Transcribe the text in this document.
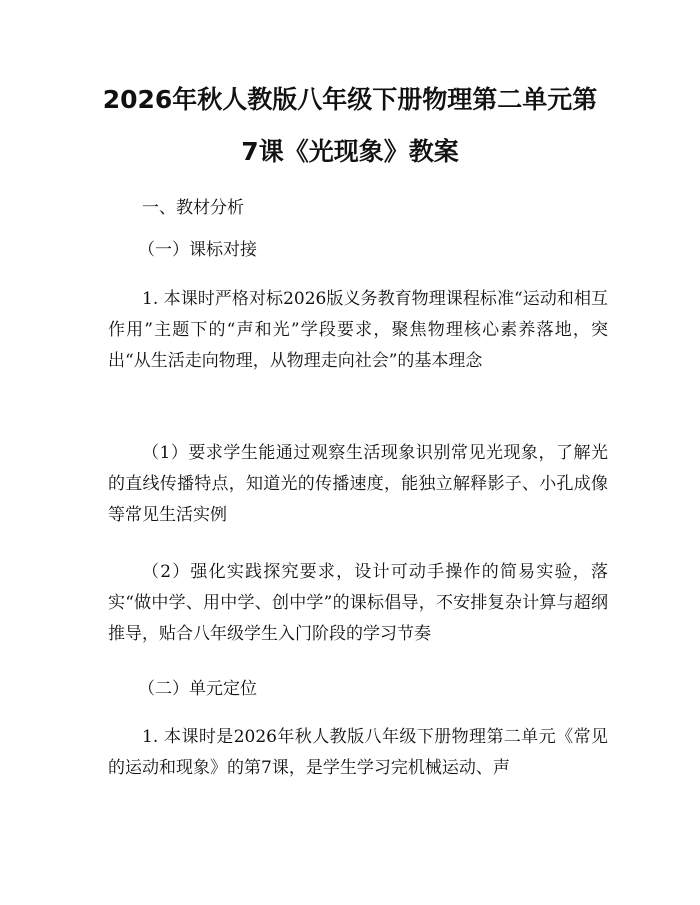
2026年秋人教版八年级下册物理第二单元第
7课《光现象》教案

一、教材分析

（一）课标对接

1. 本课时严格对标2026版义务教育物理课程标准“运动和相互作用”主题下的“声和光”学段要求，聚焦物理核心素养落地，突出“从生活走向物理，从物理走向社会”的基本理念

（1）要求学生能通过观察生活现象识别常见光现象，了解光的直线传播特点，知道光的传播速度，能独立解释影子、小孔成像等常见生活实例

（2）强化实践探究要求，设计可动手操作的简易实验，落实“做中学、用中学、创中学”的课标倡导，不安排复杂计算与超纲推导，贴合八年级学生入门阶段的学习节奏

（二）单元定位

1. 本课时是2026年秋人教版八年级下册物理第二单元《常见的运动和现象》的第7课，是学生学习完机械运动、声
